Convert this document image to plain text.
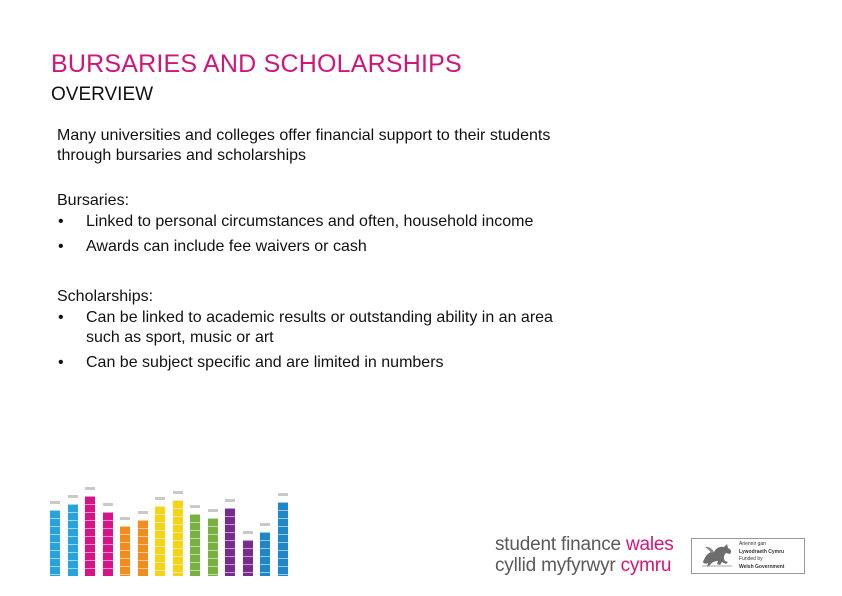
BURSARIES AND SCHOLARSHIPS
OVERVIEW
Many universities and colleges offer financial support to their students
through bursaries and scholarships
Bursaries:
• Linked to personal circumstances and often, household income
• Awards can include fee waivers or cash
Scholarships:
• Can be linked to academic results or outstanding ability in an area
such as sport, music or art
• Can be subject specific and are limited in numbers
student finance wales
cyllid myfyrwyr cymru
Ariennir gan
Lywodraeth Cymru
Funded by
Welsh Government
